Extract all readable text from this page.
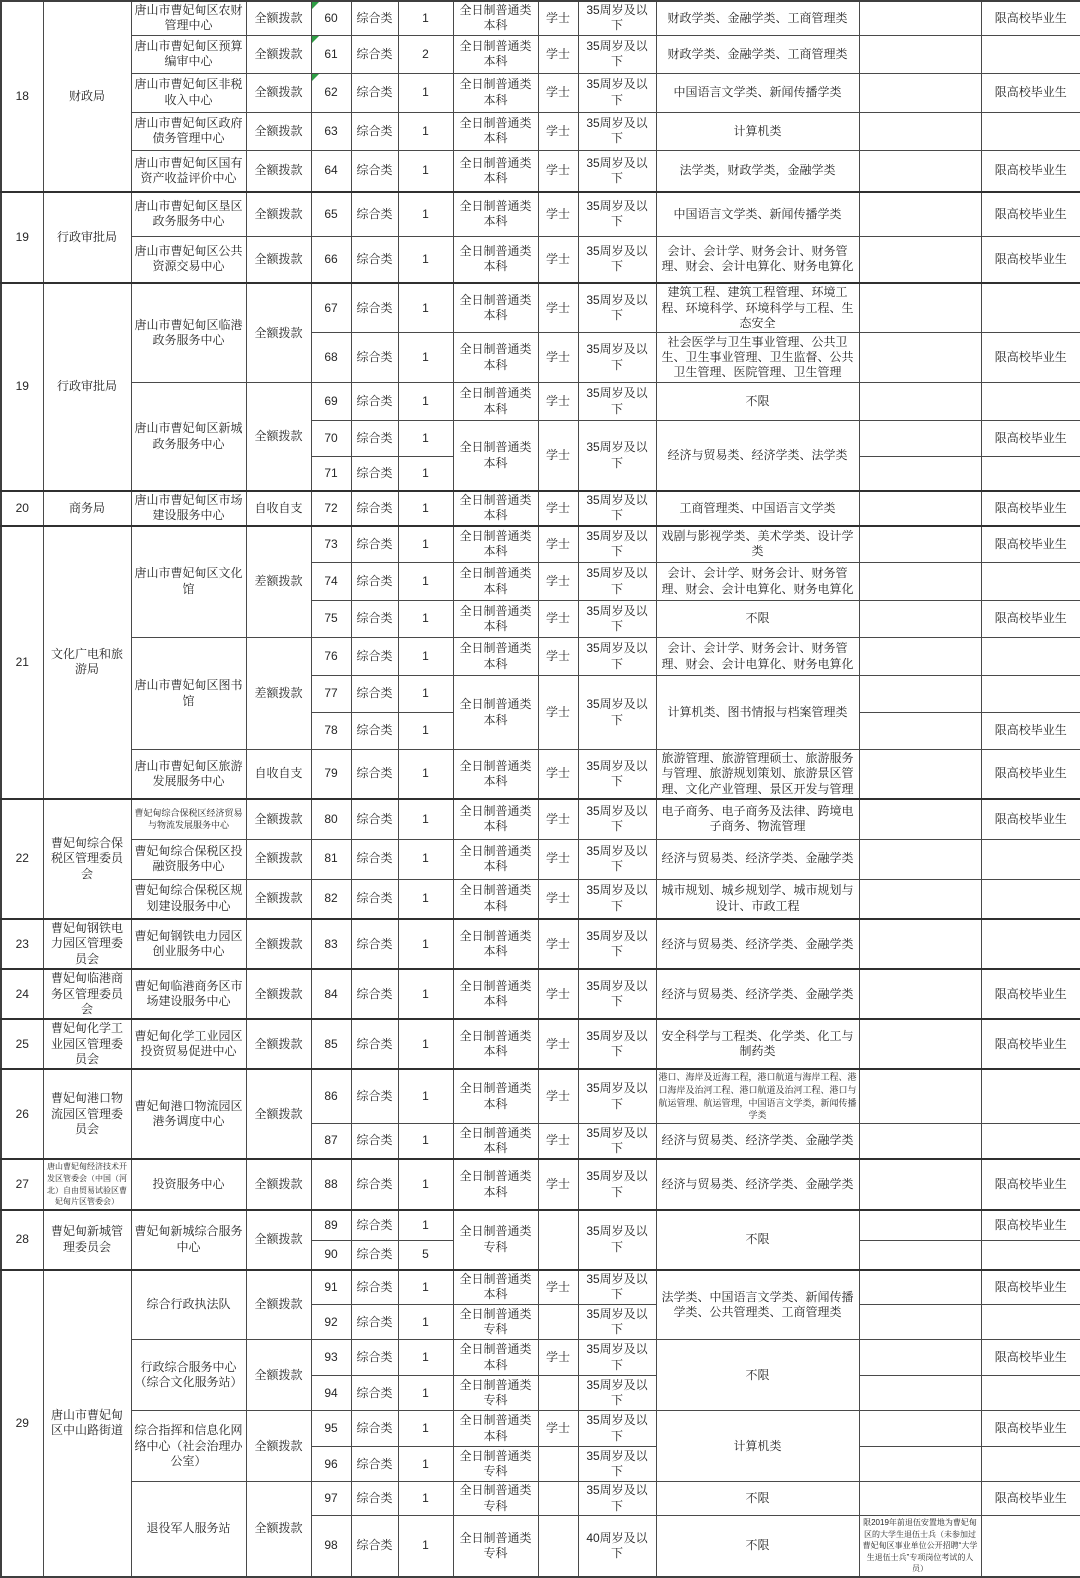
18	财政局	唐山市曹妃甸区农财管理中心	全额拨款	60	综合类	1	全日制普通类本科	学士	35周岁及以下	财政学类、金融学类、工商管理类		限高校毕业生
		唐山市曹妃甸区预算编审中心	全额拨款	61	综合类	2	全日制普通类本科	学士	35周岁及以下	财政学类、金融学类、工商管理类		
		唐山市曹妃甸区非税收入中心	全额拨款	62	综合类	1	全日制普通类本科	学士	35周岁及以下	中国语言文学类、新闻传播学类		限高校毕业生
		唐山市曹妃甸区政府债务管理中心	全额拨款	63	综合类	1	全日制普通类本科	学士	35周岁及以下	计算机类		
		唐山市曹妃甸区国有资产收益评价中心	全额拨款	64	综合类	1	全日制普通类本科	学士	35周岁及以下	法学类，财政学类，金融学类		限高校毕业生
19	行政审批局	唐山市曹妃甸区垦区政务服务中心	全额拨款	65	综合类	1	全日制普通类本科	学士	35周岁及以下	中国语言文学类、新闻传播学类		限高校毕业生
		唐山市曹妃甸区公共资源交易中心	全额拨款	66	综合类	1	全日制普通类本科	学士	35周岁及以下	会计、会计学、财务会计、财务管理、财会、会计电算化、财务电算化		限高校毕业生
19	行政审批局	唐山市曹妃甸区临港政务服务中心	全额拨款	67	综合类	1	全日制普通类本科	学士	35周岁及以下	建筑工程、建筑工程管理、环境工程、环境科学、环境科学与工程、生态安全		
				68	综合类	1	全日制普通类本科	学士	35周岁及以下	社会医学与卫生事业管理、公共卫生、卫生事业管理、卫生监督、公共卫生管理、医院管理、卫生管理		限高校毕业生
		唐山市曹妃甸区新城政务服务中心	全额拨款	69	综合类	1	全日制普通类本科	学士	35周岁及以下	不限		
				70	综合类	1	全日制普通类本科	学士	35周岁及以下	经济与贸易类、经济学类、法学类		限高校毕业生
				71	综合类	1						
20	商务局	唐山市曹妃甸区市场建设服务中心	自收自支	72	综合类	1	全日制普通类本科	学士	35周岁及以下	工商管理类、中国语言文学类		限高校毕业生
21	文化广电和旅游局	唐山市曹妃甸区文化馆	差额拨款	73	综合类	1	全日制普通类本科	学士	35周岁及以下	戏剧与影视学类、美术学类、设计学类		限高校毕业生
				74	综合类	1	全日制普通类本科	学士	35周岁及以下	会计、会计学、财务会计、财务管理、财会、会计电算化、财务电算化		
				75	综合类	1	全日制普通类本科	学士	35周岁及以下	不限		限高校毕业生
		唐山市曹妃甸区图书馆	差额拨款	76	综合类	1	全日制普通类本科	学士	35周岁及以下	会计、会计学、财务会计、财务管理、财会、会计电算化、财务电算化		
				77	综合类	1	全日制普通类本科	学士	35周岁及以下	计算机类、图书情报与档案管理类		
				78	综合类	1						限高校毕业生
		唐山市曹妃甸区旅游发展服务中心	自收自支	79	综合类	1	全日制普通类本科	学士	35周岁及以下	旅游管理、旅游管理硕士、旅游服务与管理、旅游规划策划、旅游景区管理、文化产业管理、景区开发与管理		限高校毕业生
22	曹妃甸综合保税区管理委员会	曹妃甸综合保税区经济贸易与物流发展服务中心	全额拨款	80	综合类	1	全日制普通类本科	学士	35周岁及以下	电子商务、电子商务及法律、跨境电子商务、物流管理		限高校毕业生
		曹妃甸综合保税区投融资服务中心	全额拨款	81	综合类	1	全日制普通类本科	学士	35周岁及以下	经济与贸易类、经济学类、金融学类		
		曹妃甸综合保税区规划建设服务中心	全额拨款	82	综合类	1	全日制普通类本科	学士	35周岁及以下	城市规划、城乡规划学、城市规划与设计、市政工程		
23	曹妃甸钢铁电力园区管理委员会	曹妃甸钢铁电力园区创业服务中心	全额拨款	83	综合类	1	全日制普通类本科	学士	35周岁及以下	经济与贸易类、经济学类、金融学类		
24	曹妃甸临港商务区管理委员会	曹妃甸临港商务区市场建设服务中心	全额拨款	84	综合类	1	全日制普通类本科	学士	35周岁及以下	经济与贸易类、经济学类、金融学类		限高校毕业生
25	曹妃甸化学工业园区管理委员会	曹妃甸化学工业园区投资贸易促进中心	全额拨款	85	综合类	1	全日制普通类本科	学士	35周岁及以下	安全科学与工程类、化学类、化工与制药类		限高校毕业生
26	曹妃甸港口物流园区管理委员会	曹妃甸港口物流园区港务调度中心	全额拨款	86	综合类	1	全日制普通类本科	学士	35周岁及以下	港口、海岸及近海工程，港口航道与海岸工程、港口海岸及治河工程、港口航道及治河工程、港口与航运管理、航运管理，中国语言文学类，新闻传播学类		
				87	综合类	1	全日制普通类本科	学士	35周岁及以下	经济与贸易类、经济学类、金融学类		
27	唐山曹妃甸经济技术开发区管委会（中国（河北）自由贸易试验区曹妃甸片区管委会）	投资服务中心	全额拨款	88	综合类	1	全日制普通类本科	学士	35周岁及以下	经济与贸易类、经济学类、金融学类		限高校毕业生
28	曹妃甸新城管理委员会	曹妃甸新城综合服务中心	全额拨款	89	综合类	1	全日制普通类专科		35周岁及以下	不限		限高校毕业生
				90	综合类	5						
29	唐山市曹妃甸区中山路街道	综合行政执法队	全额拨款	91	综合类	1	全日制普通类本科	学士	35周岁及以下	法学类、中国语言文学类、新闻传播学类、公共管理类、工商管理类		限高校毕业生
				92	综合类	1	全日制普通类专科		35周岁及以下			
		行政综合服务中心（综合文化服务站）	全额拨款	93	综合类	1	全日制普通类本科	学士	35周岁及以下	不限		限高校毕业生
				94	综合类	1	全日制普通类专科		35周岁及以下			
		综合指挥和信息化网络中心（社会治理办公室）	全额拨款	95	综合类	1	全日制普通类本科	学士	35周岁及以下	计算机类		限高校毕业生
				96	综合类	1	全日制普通类专科		35周岁及以下			
		退役军人服务站	全额拨款	97	综合类	1	全日制普通类专科		35周岁及以下	不限		限高校毕业生
				98	综合类	1	全日制普通类专科		40周岁及以下	不限	限2019年前退伍安置地为曹妃甸区的大学生退伍士兵（未参加过曹妃甸区事业单位公开招聘“大学生退伍士兵”专项岗位考试的人员）	
